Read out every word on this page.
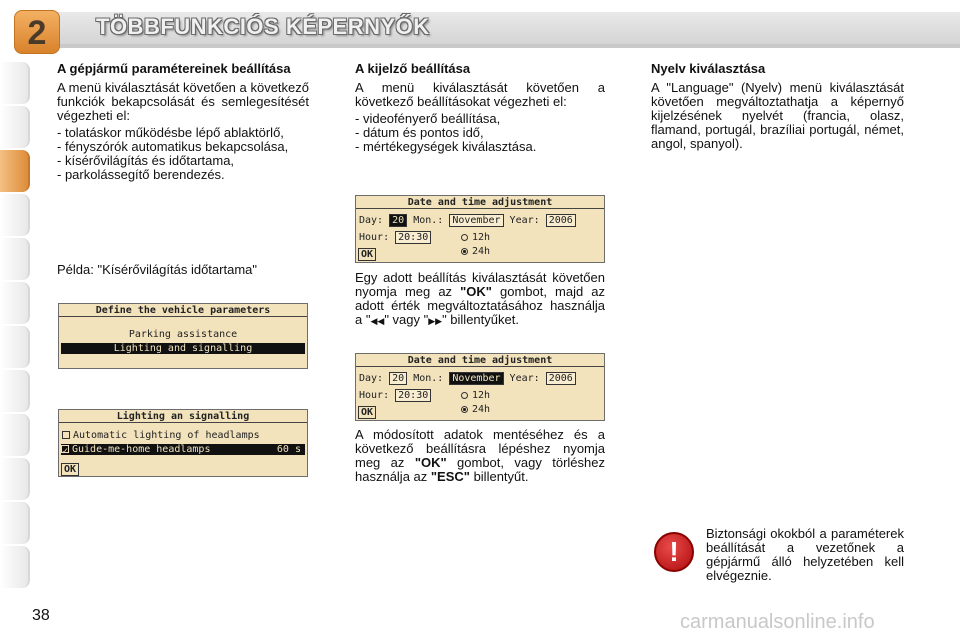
2	TÖBBFUNKCIÓS KÉPERNYŐK
A gépjármű paramétereinek beállítása
A menü kiválasztását követően a következő funkciók bekapcsolását és semlegesítését végezheti el:
- tolatáskor működésbe lépő ablaktörlő,
- fényszórók automatikus bekapcsolása,
- kísérővilágítás és időtartama,
- parkolássegítő berendezés.
Példa: "Kísérővilágítás időtartama"
Define the vehicle parameters
Parking assistance
Lighting and signalling
Lighting an signalling
Automatic lighting of headlamps
✓ Guide-me-home headlamps	60 s
OK
A kijelző beállítása
A menü kiválasztását követően a következő beállításokat végezheti el:
- videofényerő beállítása,
- dátum és pontos idő,
- mértékegységek kiválasztása.
Date and time adjustment
Day: 20 Mon.: November Year: 2006
Hour: 20:30	12h
24h
OK
Egy adott beállítás kiválasztását követően nyomja meg az "OK" gombot, majd az adott érték megváltoztatásához használja a "◀◀" vagy "▶▶" billentyűket.
Date and time adjustment
Day: 20 Mon.: November Year: 2006
Hour: 20:30	12h
24h
OK
A módosított adatok mentéséhez és a következő beállításra lépéshez nyomja meg az "OK" gombot, vagy törléshez használja az "ESC" billentyűt.
Nyelv kiválasztása
A "Language" (Nyelv) menü kiválasztását követően megváltoztathatja a képernyő kijelzésének nyelvét (francia, olasz, flamand, portugál, brazíliai portugál, német, angol, spanyol).
!
Biztonsági okokból a paraméterek beállítását a vezetőnek a gépjármű álló helyzetében kell elvégeznie.
38	carmanualsonline.info
